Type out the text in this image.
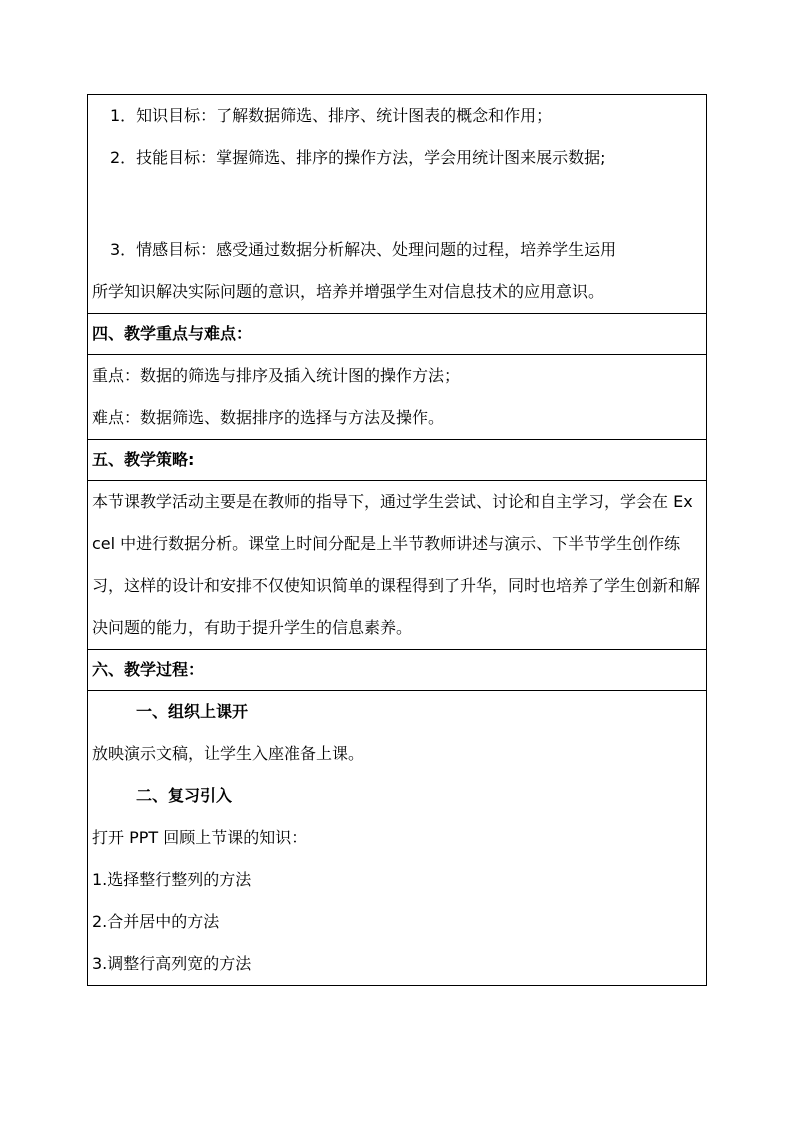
1．知识目标：了解数据筛选、排序、统计图表的概念和作用；
2．技能目标：掌握筛选、排序的操作方法，学会用统计图来展示数据;
3．情感目标：感受通过数据分析解决、处理问题的过程，培养学生运用
所学知识解决实际问题的意识，培养并增强学生对信息技术的应用意识。

四、教学重点与难点：

重点：数据的筛选与排序及插入统计图的操作方法；
难点：数据筛选、数据排序的选择与方法及操作。

五、教学策略:

本节课教学活动主要是在教师的指导下，通过学生尝试、讨论和自主学习，学会在 Excel 中进行数据分析。课堂上时间分配是上半节教师讲述与演示、下半节学生创作练习，这样的设计和安排不仅使知识简单的课程得到了升华，同时也培养了学生创新和解决问题的能力，有助于提升学生的信息素养。

六、教学过程：

一、组织上课开
放映演示文稿，让学生入座准备上课。
二、复习引入
打开 PPT 回顾上节课的知识：
1.选择整行整列的方法
2.合并居中的方法
3.调整行高列宽的方法
